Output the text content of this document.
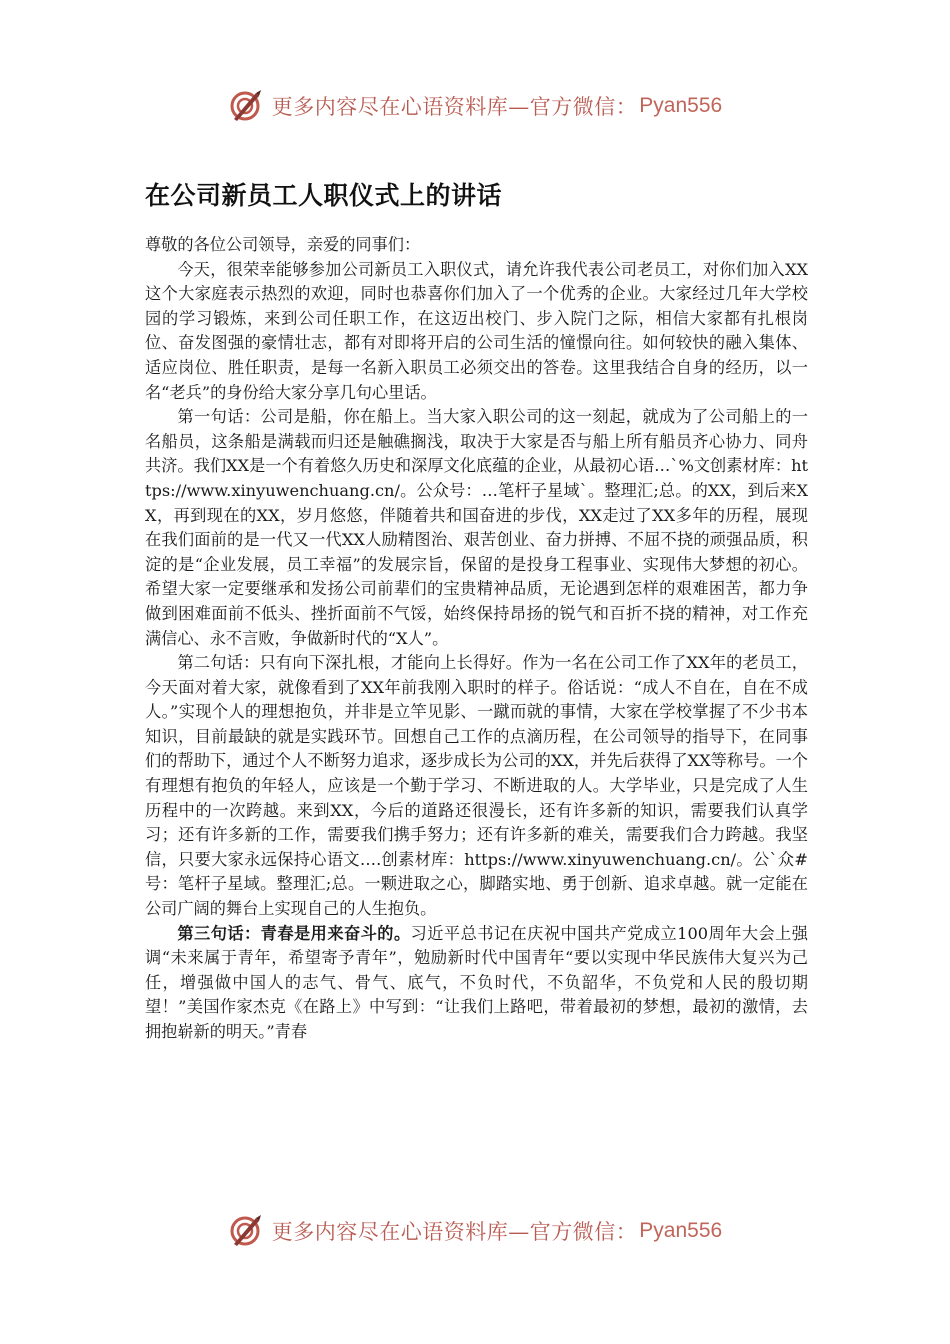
更多内容尽在心语资料库—官方微信： Pyan556
在公司新员工人职仪式上的讲话

尊敬的各位公司领导，亲爱的同事们：

今天，很荣幸能够参加公司新员工入职仪式，请允许我代表公司老员工，对你们加入XX这个大家庭表示热烈的欢迎，同时也恭喜你们加入了一个优秀的企业。大家经过几年大学校园的学习锻炼，来到公司任职工作，在这迈出校门、步入院门之际，相信大家都有扎根岗位、奋发图强的豪情壮志，都有对即将开启的公司生活的憧憬向往。如何较快的融入集体、适应岗位、胜任职责，是每一名新入职员工必须交出的答卷。这里我结合自身的经历，以一名“老兵”的身份给大家分享几句心里话。

第一句话：公司是船，你在船上。当大家入职公司的这一刻起，就成为了公司船上的一名船员，这条船是满载而归还是触礁搁浅，取决于大家是否与船上所有船员齐心协力、同舟共济。我们XX是一个有着悠久历史和深厚文化底蕴的企业，从最初心语…`%文创素材库：https://www.xinyuwenchuang.cn/。公众号：…笔杆子星域`。整理汇;总。的XX，到后来XX，再到现在的XX，岁月悠悠，伴随着共和国奋进的步伐，XX走过了XX多年的历程，展现在我们面前的是一代又一代XX人励精图治、艰苦创业、奋力拼搏、不屈不挠的顽强品质，积淀的是“企业发展，员工幸福”的发展宗旨，保留的是投身工程事业、实现伟大梦想的初心。希望大家一定要继承和发扬公司前辈们的宝贵精神品质，无论遇到怎样的艰难困苦，都力争做到困难面前不低头、挫折面前不气馁，始终保持昂扬的锐气和百折不挠的精神，对工作充满信心、永不言败，争做新时代的“X人”。

第二句话：只有向下深扎根，才能向上长得好。作为一名在公司工作了XX年的老员工，今天面对着大家，就像看到了XX年前我刚入职时的样子。俗话说：“成人不自在，自在不成人。”实现个人的理想抱负，并非是立竿见影、一蹴而就的事情，大家在学校掌握了不少书本知识，目前最缺的就是实践环节。回想自己工作的点滴历程，在公司领导的指导下，在同事们的帮助下，通过个人不断努力追求，逐步成长为公司的XX，并先后获得了XX等称号。一个有理想有抱负的年轻人，应该是一个勤于学习、不断进取的人。大学毕业，只是完成了人生历程中的一次跨越。来到XX，今后的道路还很漫长，还有许多新的知识，需要我们认真学习；还有许多新的工作，需要我们携手努力；还有许多新的难关，需要我们合力跨越。我坚信，只要大家永远保持心语文….创素材库：https://www.xinyuwenchuang.cn/。公`众#号：笔杆子星域。整理汇;总。一颗进取之心，脚踏实地、勇于创新、追求卓越。就一定能在公司广阔的舞台上实现自己的人生抱负。

第三句话：青春是用来奋斗的。习近平总书记在庆祝中国共产党成立100周年大会上强调“未来属于青年，希望寄予青年”，勉励新时代中国青年“要以实现中华民族伟大复兴为己任，增强做中国人的志气、骨气、底气，不负时代，不负韶华，不负党和人民的殷切期望！”美国作家杰克《在路上》中写到：“让我们上路吧，带着最初的梦想，最初的激情，去拥抱崭新的明天。”青春

更多内容尽在心语资料库—官方微信： Pyan556
